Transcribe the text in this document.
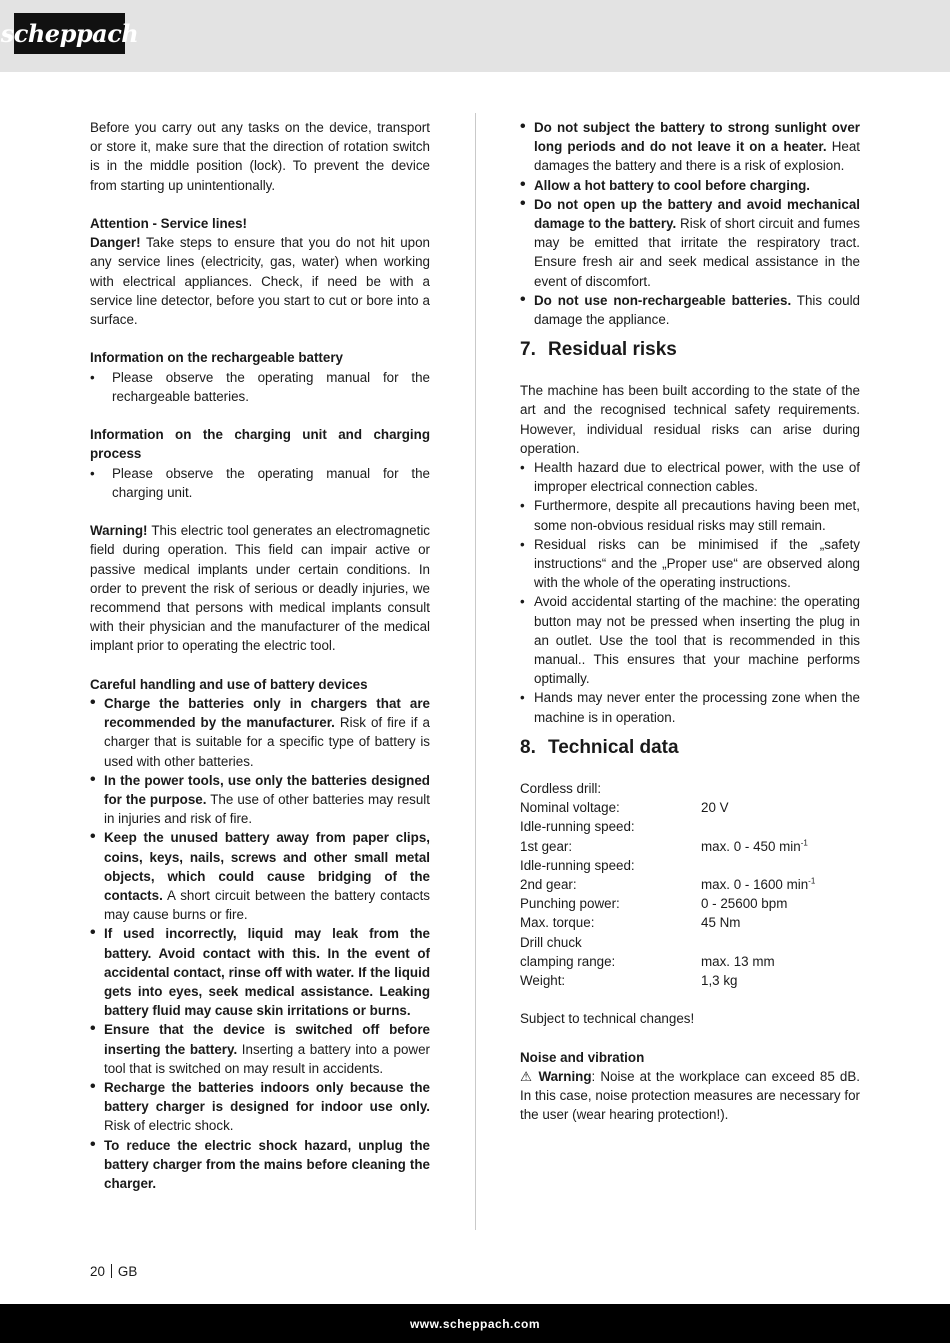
scheppach

Before you carry out any tasks on the device, transport or store it, make sure that the direction of rotation switch is in the middle position (lock). To prevent the device from starting up unintentionally.

Attention - Service lines!

Danger! Take steps to ensure that you do not hit upon any service lines (electricity, gas, water) when working with electrical appliances. Check, if need be with a service line detector, before you start to cut or bore into a surface.

Information on the rechargeable battery

• Please observe the operating manual for the rechargeable batteries.

Information on the charging unit and charging process

• Please observe the operating manual for the charging unit.

Warning! This electric tool generates an electromagnetic field during operation. This field can impair active or passive medical implants under certain conditions. In order to prevent the risk of serious or deadly injuries, we recommend that persons with medical implants consult with their physician and the manufacturer of the medical implant prior to operating the electric tool.

Careful handling and use of battery devices

• Charge the batteries only in chargers that are recommended by the manufacturer. Risk of fire if a charger that is suitable for a specific type of battery is used with other batteries.
• In the power tools, use only the batteries designed for the purpose. The use of other batteries may result in injuries and risk of fire.
• Keep the unused battery away from paper clips, coins, keys, nails, screws and other small metal objects, which could cause bridging of the contacts. A short circuit between the battery contacts may cause burns or fire.
• If used incorrectly, liquid may leak from the battery. Avoid contact with this. In the event of accidental contact, rinse off with water. If the liquid gets into eyes, seek medical assistance. Leaking battery fluid may cause skin irritations or burns.
• Ensure that the device is switched off before inserting the battery. Inserting a battery into a power tool that is switched on may result in accidents.
• Recharge the batteries indoors only because the battery charger is designed for indoor use only. Risk of electric shock.
• To reduce the electric shock hazard, unplug the battery charger from the mains before cleaning the charger.
• Do not subject the battery to strong sunlight over long periods and do not leave it on a heater. Heat damages the battery and there is a risk of explosion.
• Allow a hot battery to cool before charging.
• Do not open up the battery and avoid mechanical damage to the battery. Risk of short circuit and fumes may be emitted that irritate the respiratory tract. Ensure fresh air and seek medical assistance in the event of discomfort.
• Do not use non-rechargeable batteries. This could damage the appliance.
7. Residual risks

The machine has been built according to the state of the art and the recognised technical safety requirements. However, individual residual risks can arise during operation.

• Health hazard due to electrical power, with the use of improper electrical connection cables.
• Furthermore, despite all precautions having been met, some non-obvious residual risks may still remain.
• Residual risks can be minimised if the „safety instructions“ and the „Proper use“ are observed along with the whole of the operating instructions.
• Avoid accidental starting of the machine: the operating button may not be pressed when inserting the plug in an outlet. Use the tool that is recommended in this manual.. This ensures that your machine performs optimally.
• Hands may never enter the processing zone when the machine is in operation.
8. Technical data
Cordless drill:	
Nominal voltage:	20 V
Idle-running speed:	
1st gear:	max. 0 - 450 $\min^{-1}$
Idle-running speed:	
2nd gear:	max. 0 - 1600 $\min^{-1}$
Punching power:	0 - 25600 bpm
Max. torque:	45 Nm
Drill chuck	
clamping range:	max. 13 mm
Weight:	1,3 kg

Subject to technical changes!

Noise and vibration

⚠ Warning: Noise at the workplace can exceed 85 dB. In this case, noise protection measures are necessary for the user (wear hearing protection!).

20 GB
www.scheppach.com
